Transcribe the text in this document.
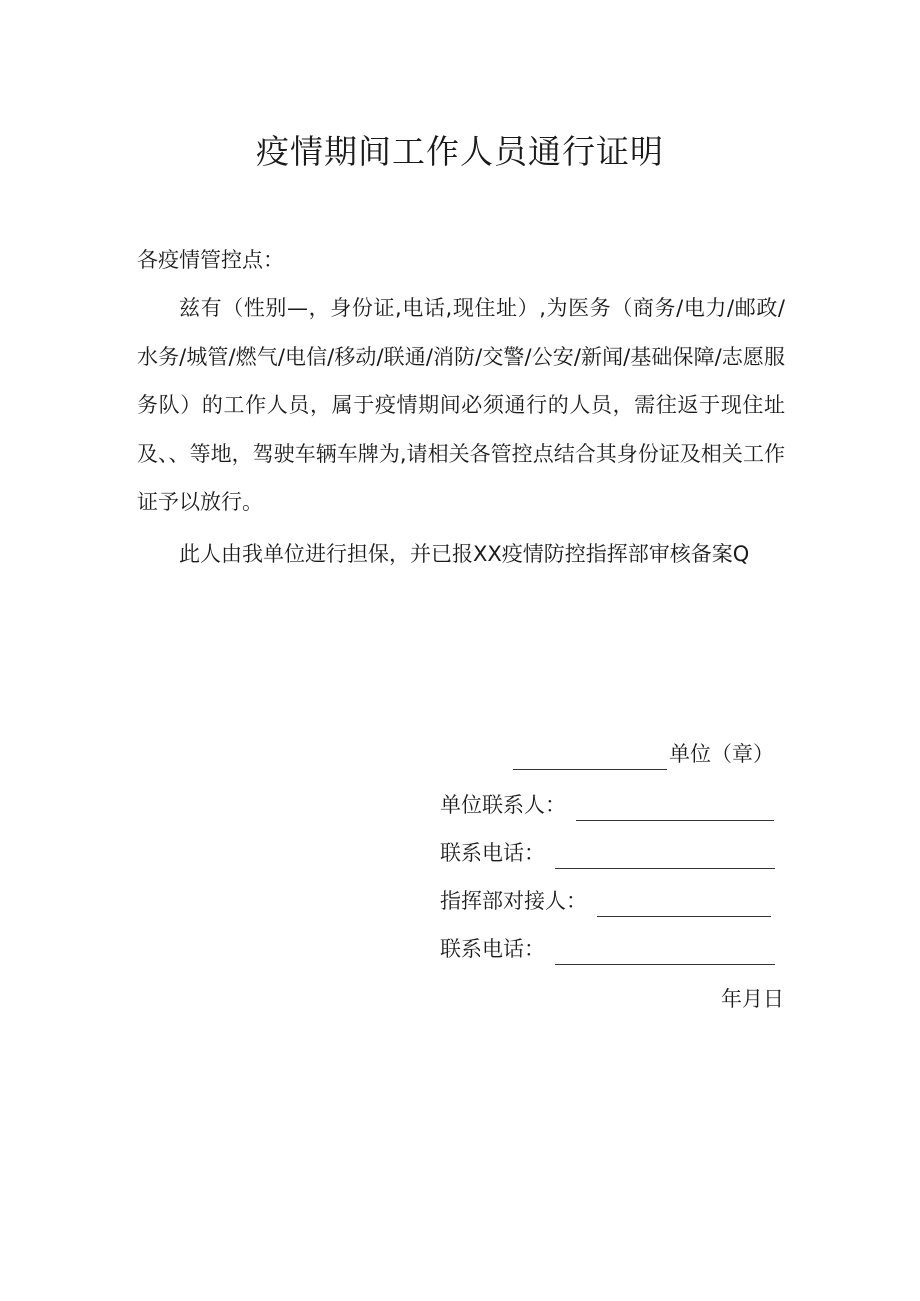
疫情期间工作人员通行证明
各疫情管控点：
兹有（性别—，身份证,电话,现住址）,为医务（商务/电力/邮政/水务/城管/燃气/电信/移动/联通/消防/交警/公安/新闻/基础保障/志愿服务队）的工作人员，属于疫情期间必须通行的人员，需往返于现住址及、、等地，驾驶车辆车牌为,请相关各管控点结合其身份证及相关工作证予以放行。
此人由我单位进行担保，并已报XX疫情防控指挥部审核备案Q
单位（章）
单位联系人：
联系电话：
指挥部对接人：
联系电话：
年月日
